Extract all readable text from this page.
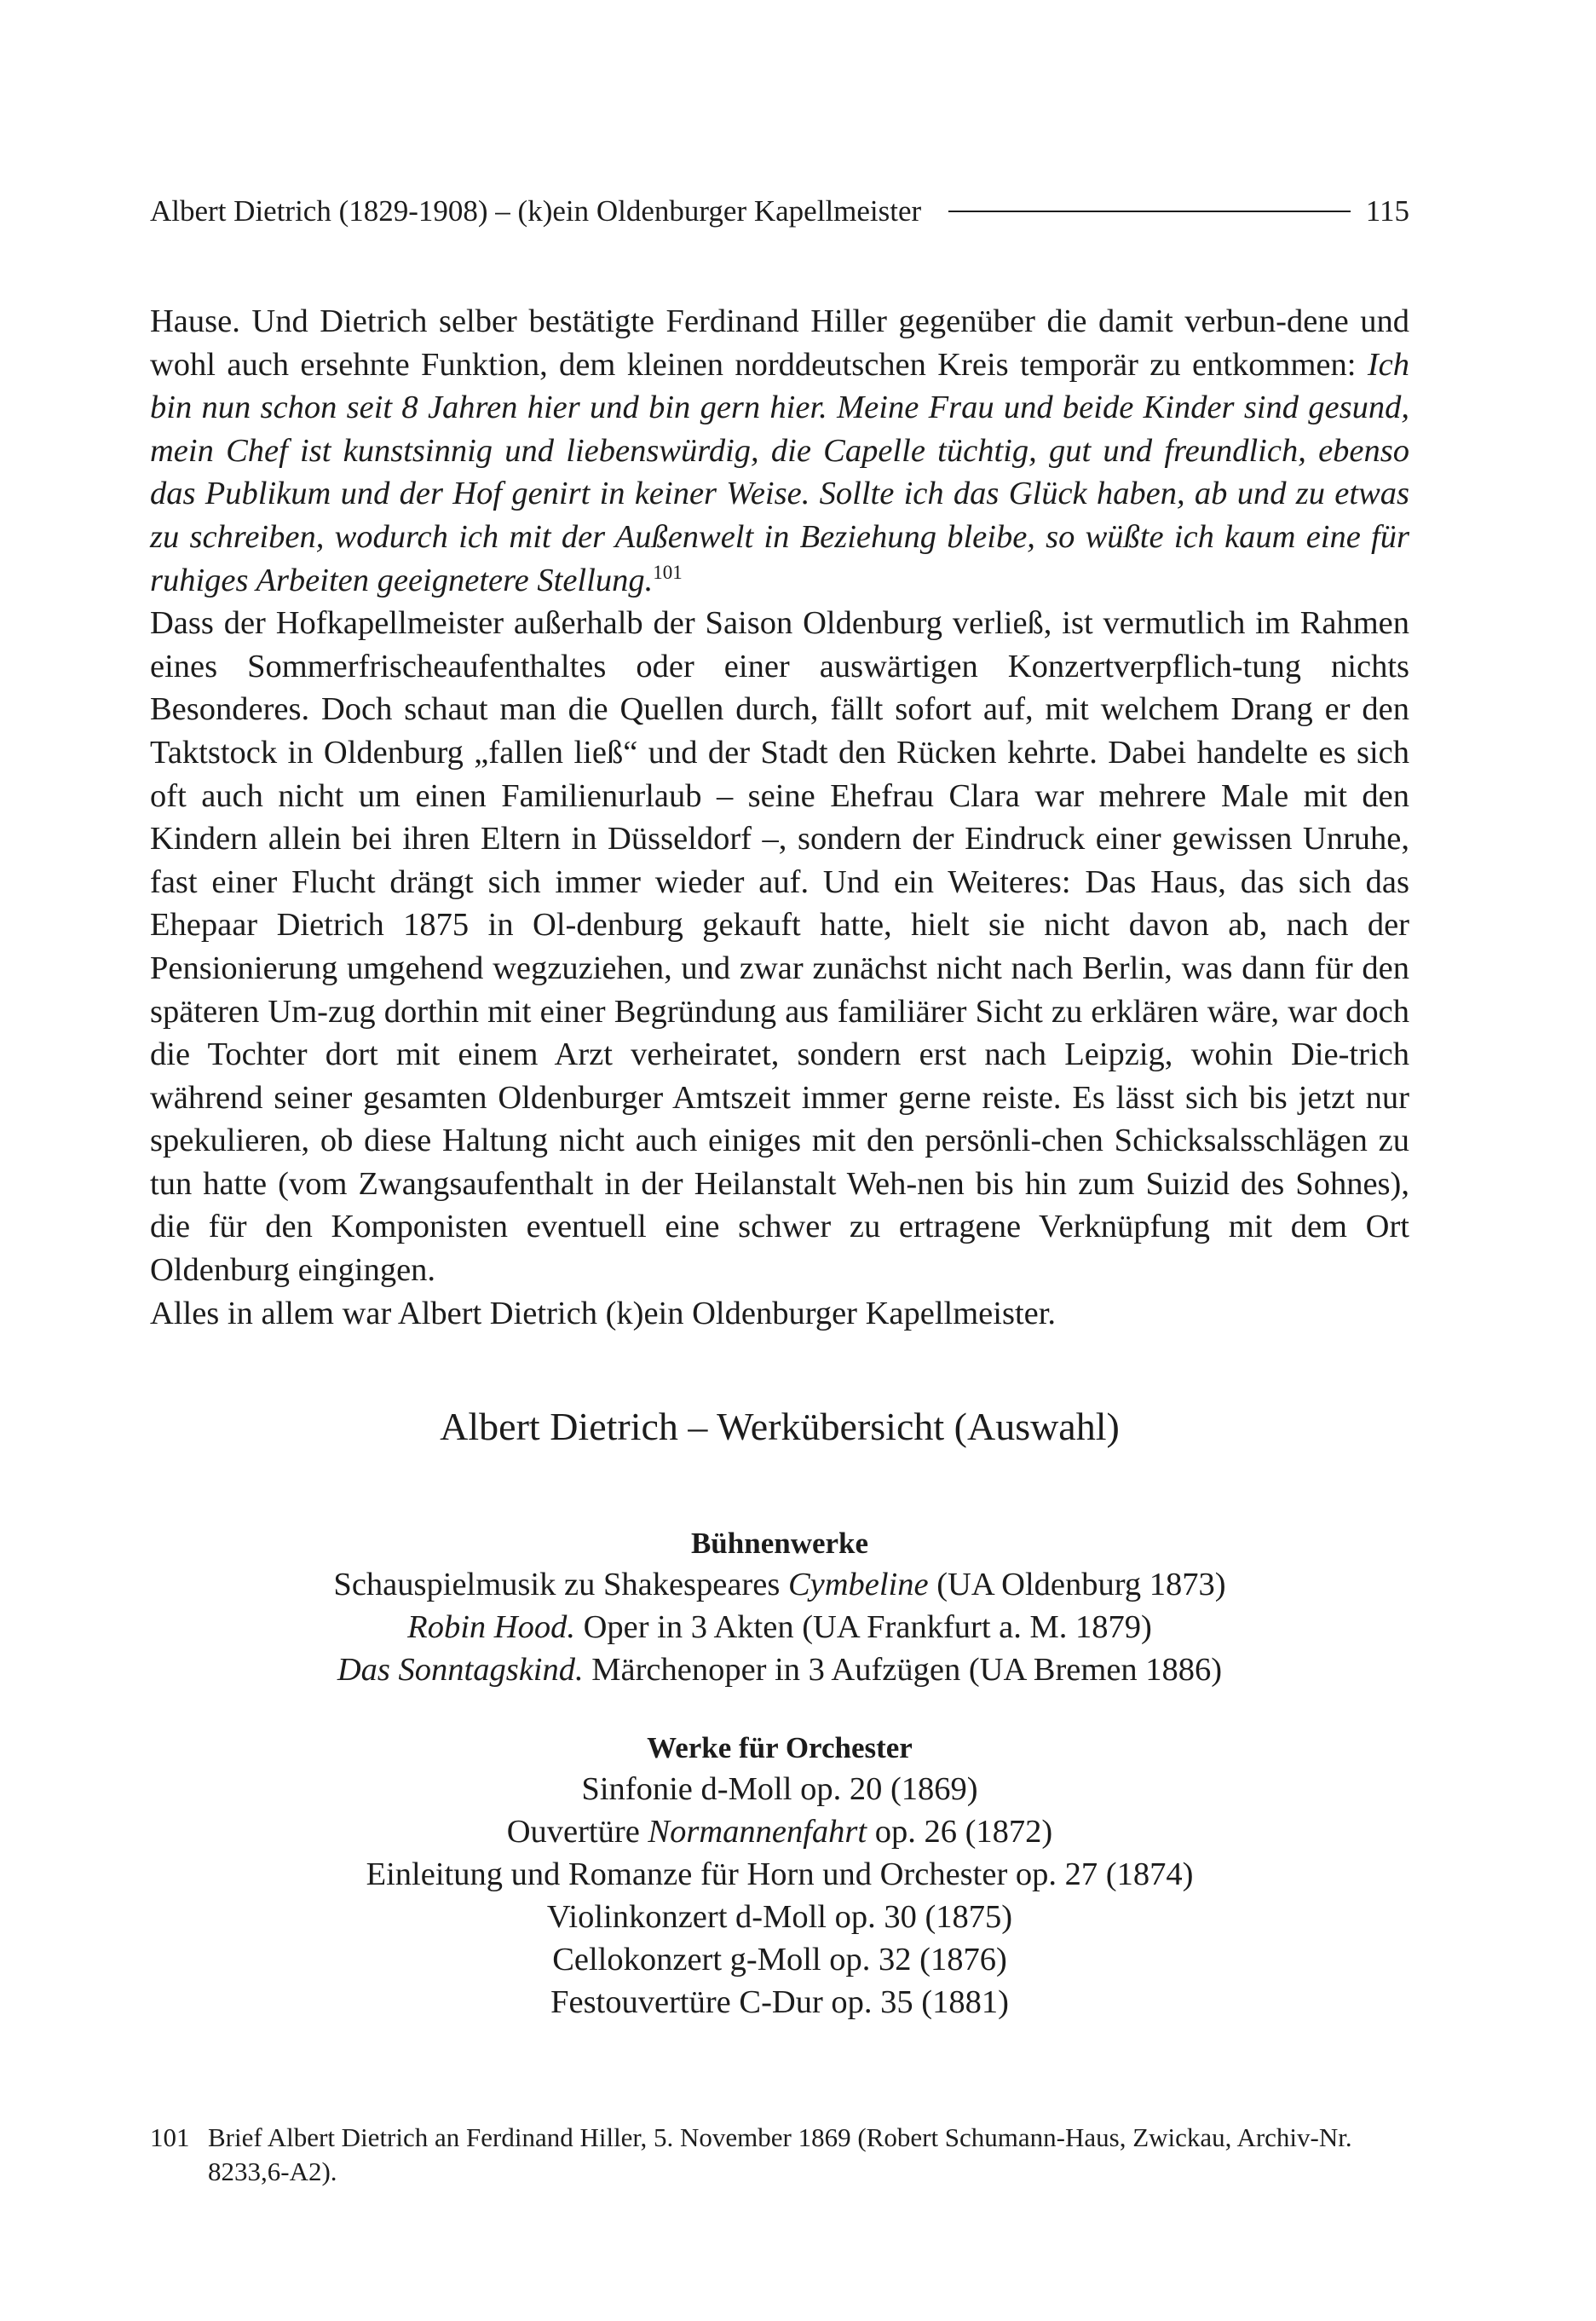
Albert Dietrich (1829-1908) – (k)ein Oldenburger Kapellmeister	115

Hause. Und Dietrich selber bestätigte Ferdinand Hiller gegenüber die damit verbun-dene und wohl auch ersehnte Funktion, dem kleinen norddeutschen Kreis temporär zu entkommen: Ich bin nun schon seit 8 Jahren hier und bin gern hier. Meine Frau und beide Kinder sind gesund, mein Chef ist kunstsinnig und liebenswürdig, die Capelle tüchtig, gut und freundlich, ebenso das Publikum und der Hof genirt in keiner Weise. Sollte ich das Glück haben, ab und zu etwas zu schreiben, wodurch ich mit der Außenwelt in Beziehung bleibe, so wüßte ich kaum eine für ruhiges Arbeiten geeignetere Stellung.$^{101}$

Dass der Hofkapellmeister außerhalb der Saison Oldenburg verließ, ist vermutlich im Rahmen eines Sommerfrischeaufenthaltes oder einer auswärtigen Konzertverpflich-tung nichts Besonderes. Doch schaut man die Quellen durch, fällt sofort auf, mit welchem Drang er den Taktstock in Oldenburg „fallen ließ“ und der Stadt den Rücken kehrte. Dabei handelte es sich oft auch nicht um einen Familienurlaub – seine Ehefrau Clara war mehrere Male mit den Kindern allein bei ihren Eltern in Düsseldorf –, sondern der Eindruck einer gewissen Unruhe, fast einer Flucht drängt sich immer wieder auf. Und ein Weiteres: Das Haus, das sich das Ehepaar Dietrich 1875 in Ol-denburg gekauft hatte, hielt sie nicht davon ab, nach der Pensionierung umgehend wegzuziehen, und zwar zunächst nicht nach Berlin, was dann für den späteren Um-zug dorthin mit einer Begründung aus familiärer Sicht zu erklären wäre, war doch die Tochter dort mit einem Arzt verheiratet, sondern erst nach Leipzig, wohin Die-trich während seiner gesamten Oldenburger Amtszeit immer gerne reiste. Es lässt sich bis jetzt nur spekulieren, ob diese Haltung nicht auch einiges mit den persönli-chen Schicksalsschlägen zu tun hatte (vom Zwangsaufenthalt in der Heilanstalt Weh-nen bis hin zum Suizid des Sohnes), die für den Komponisten eventuell eine schwer zu ertragene Verknüpfung mit dem Ort Oldenburg eingingen.

Alles in allem war Albert Dietrich (k)ein Oldenburger Kapellmeister.

Albert Dietrich – Werkübersicht (Auswahl)

Bühnenwerke

Schauspielmusik zu Shakespeares Cymbeline (UA Oldenburg 1873)

Robin Hood. Oper in 3 Akten (UA Frankfurt a. M. 1879)

Das Sonntagskind. Märchenoper in 3 Aufzügen (UA Bremen 1886)

Werke für Orchester

Sinfonie d-Moll op. 20 (1869)

Ouvertüre Normannenfahrt op. 26 (1872)

Einleitung und Romanze für Horn und Orchester op. 27 (1874)

Violinkonzert d-Moll op. 30 (1875)

Cellokonzert g-Moll op. 32 (1876)

Festouvertüre C-Dur op. 35 (1881)

101 Brief Albert Dietrich an Ferdinand Hiller, 5. November 1869 (Robert Schumann-Haus, Zwickau, Archiv-Nr. 8233,6-A2).
